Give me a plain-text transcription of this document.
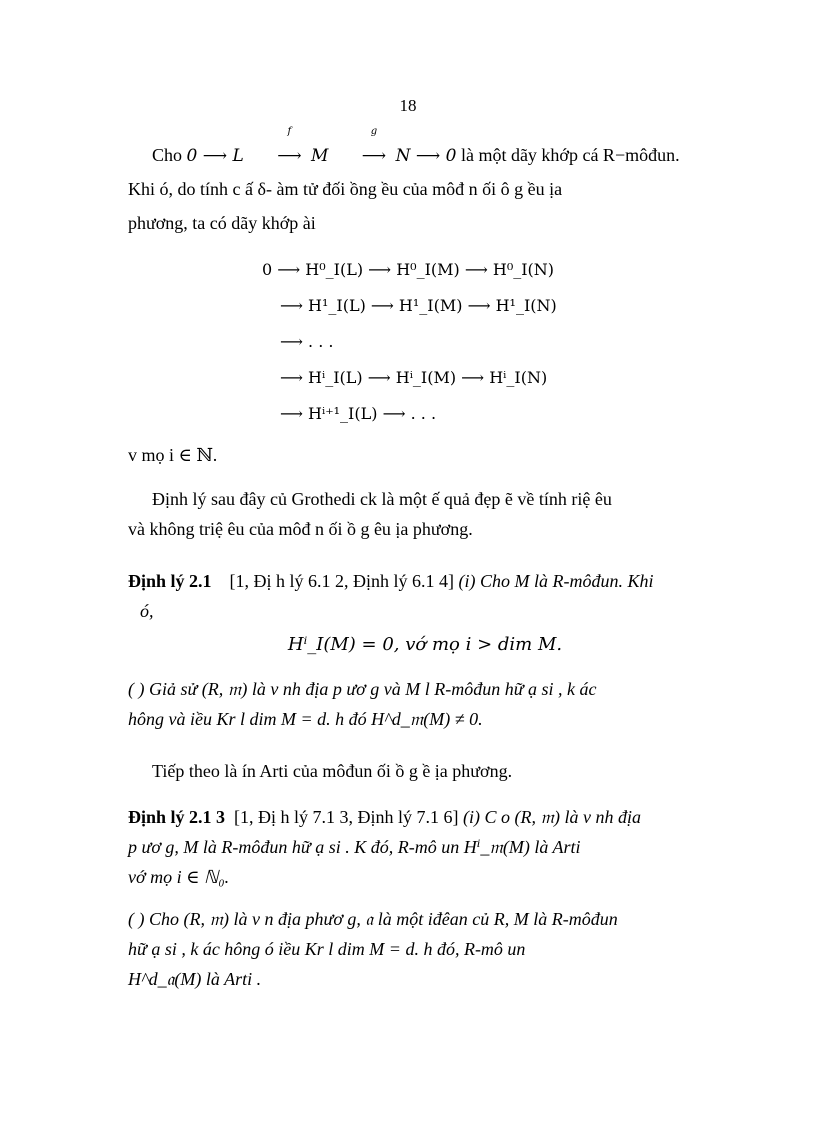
18
Cho 0 ⟶ L
f
⟶ M
g
⟶ N ⟶ 0 là một dãy khớp cá R−môđun.
Khi ó, do tính c ấ δ- àm tử đối ồng ều của môđ n ối ô g ều ịa
phương, ta có dãy khớp ài
0 ⟶ H⁰_I(L) ⟶ H⁰_I(M) ⟶ H⁰_I(N)
⟶ H¹_I(L) ⟶ H¹_I(M) ⟶ H¹_I(N)
⟶ . . .
⟶ Hⁱ_I(L) ⟶ Hⁱ_I(M) ⟶ Hⁱ_I(N)
⟶ Hⁱ⁺¹_I(L) ⟶ . . .
v mọ i ∈ ℕ.
Định lý sau đây củ Grothedi ck là một ế quả đẹp ẽ về tính riệ êu
và không triệ êu của môđ n ối ồ g êu ịa phương.
Định lý 2.1 [1, Đị h lý 6.1 2, Định lý 6.1 4] (i) Cho M là R-môđun. Khi
ó,
Hⁱ_I(M) = 0, vớ mọ i > dim M.
( ) Giả sử (R, 𝔪) là v nh địa p ươ g và M l R-môđun hữ ạ si , k ác
hông và iều Kr l dim M = d. h đó H^d_𝔪(M) ≠ 0.
Tiếp theo là ín Arti của môđun ối ồ g ề ịa phương.
Định lý 2.1 3 [1, Đị h lý 7.1 3, Định lý 7.1 6] (i) C o (R, 𝔪) là v nh địa
p ươ g, M là R-môđun hữ ạ si . K đó, R-mô un Hⁱ_𝔪(M) là Arti
vớ mọ i ∈ ℕ₀.
( ) Cho (R, 𝔪) là v n địa phươ g, 𝔞 là một iđêan củ R, M là R-môđun
hữ ạ si , k ác hông ó iều Kr l dim M = d. h đó, R-mô un
H^d_𝔞(M) là Arti .
